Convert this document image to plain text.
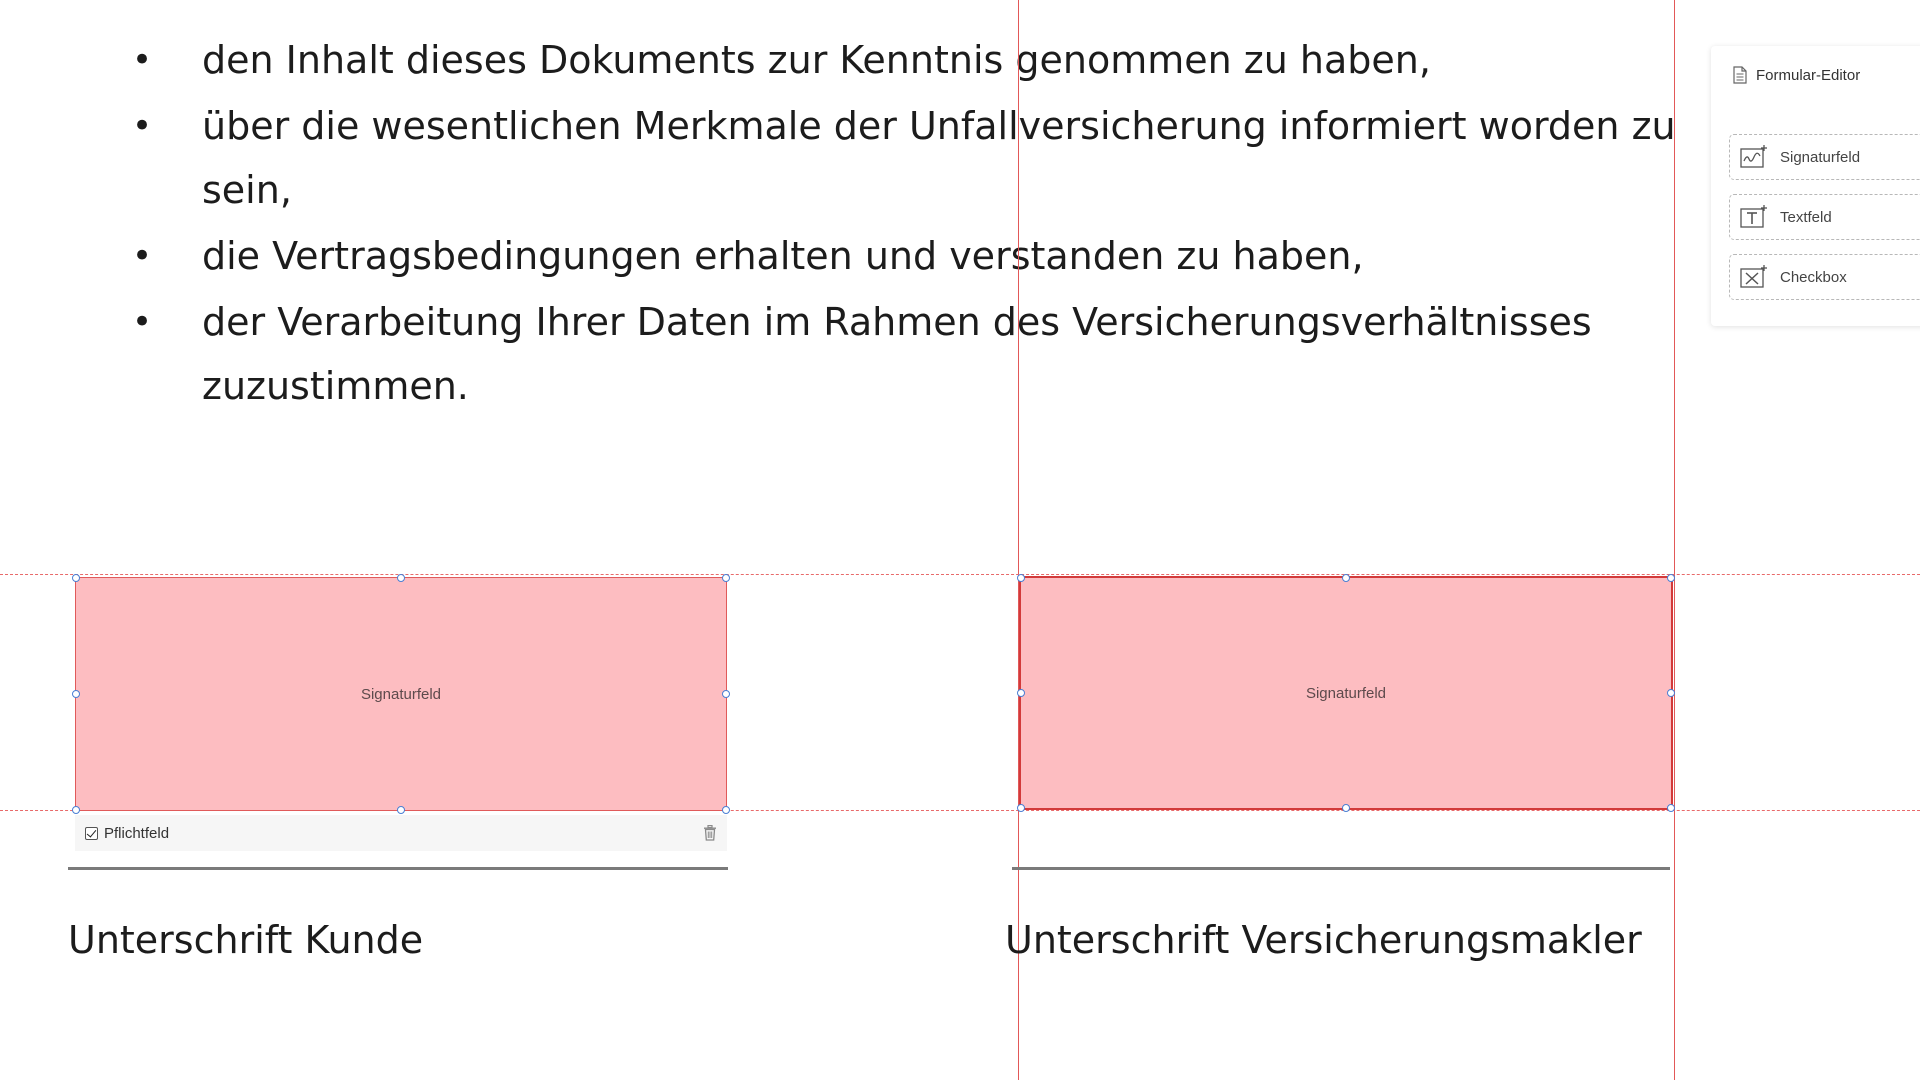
• den Inhalt dieses Dokuments zur Kenntnis genommen zu haben,
• über die wesentlichen Merkmale der Unfallversicherung informiert worden zu sein,
• die Vertragsbedingungen erhalten und verstanden zu haben,
• der Verarbeitung Ihrer Daten im Rahmen des Versicherungsverhältnisses zuzustimmen.
Signaturfeld
Pflichtfeld
Signaturfeld
Unterschrift Kunde	Unterschrift Versicherungsmakler
Formular-Editor
Signaturfeld
Textfeld
Checkbox
